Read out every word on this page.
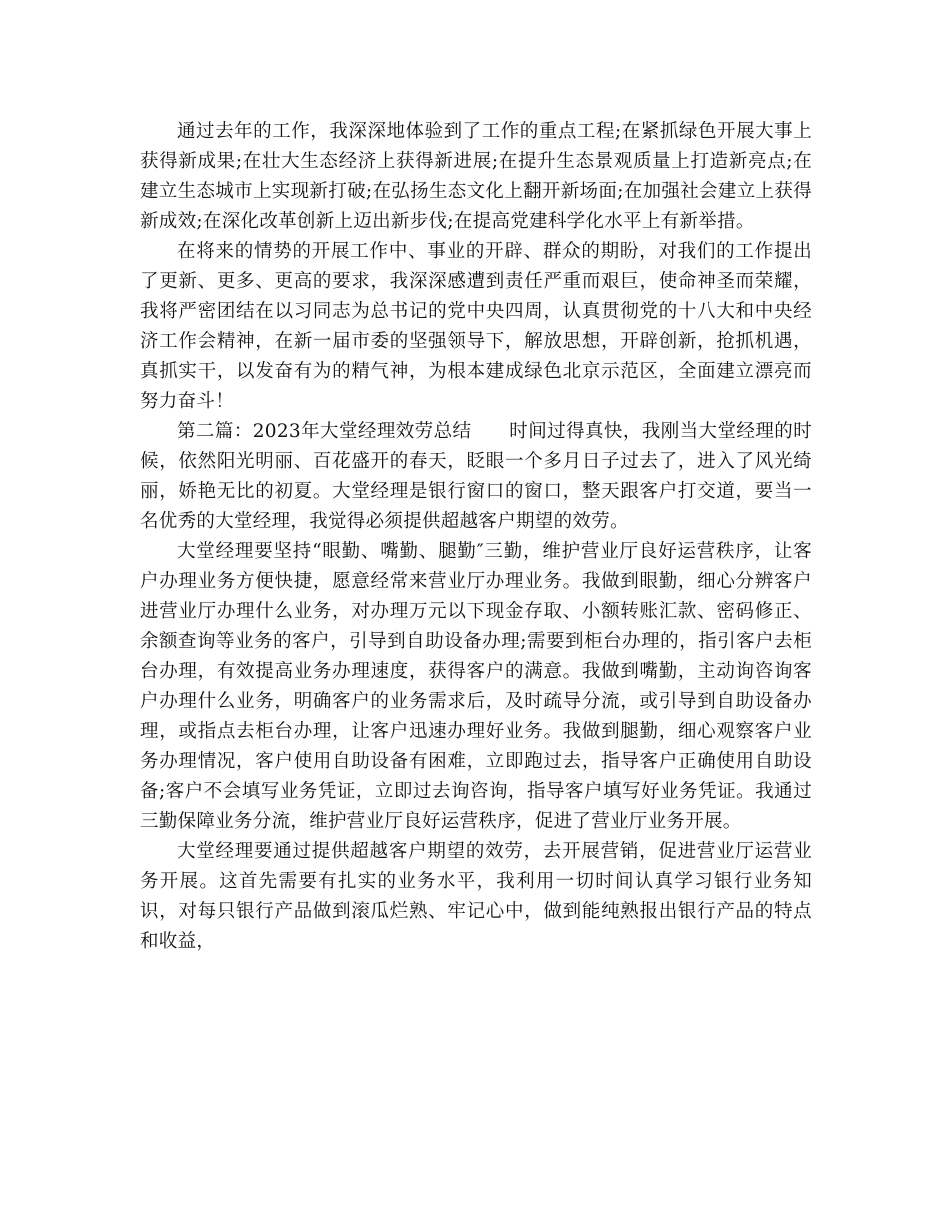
通过去年的工作，我深深地体验到了工作的重点工程;在紧抓绿色开展大事上获得新成果;在壮大生态经济上获得新进展;在提升生态景观质量上打造新亮点;在建立生态城市上实现新打破;在弘扬生态文化上翻开新场面;在加强社会建立上获得新成效;在深化改革创新上迈出新步伐;在提高党建科学化水平上有新举措。

在将来的情势的开展工作中、事业的开辟、群众的期盼，对我们的工作提出了更新、更多、更高的要求，我深深感遭到责任严重而艰巨，使命神圣而荣耀，我将严密团结在以习同志为总书记的党中央四周，认真贯彻党的十八大和中央经济工作会精神，在新一届市委的坚强领导下，解放思想，开辟创新，抢抓机遇，真抓实干，以发奋有为的精气神，为根本建成绿色北京示范区，全面建立漂亮而努力奋斗！

第二篇：2023年大堂经理效劳总结　　时间过得真快，我刚当大堂经理的时候，依然阳光明丽、百花盛开的春天，眨眼一个多月日子过去了，进入了风光绮丽，娇艳无比的初夏。大堂经理是银行窗口的窗口，整天跟客户打交道，要当一名优秀的大堂经理，我觉得必须提供超越客户期望的效劳。

大堂经理要坚持“眼勤、嘴勤、腿勤″三勤，维护营业厅良好运营秩序，让客户办理业务方便快捷，愿意经常来营业厅办理业务。我做到眼勤，细心分辨客户进营业厅办理什么业务，对办理万元以下现金存取、小额转账汇款、密码修正、余额查询等业务的客户，引导到自助设备办理;需要到柜台办理的，指引客户去柜台办理，有效提高业务办理速度，获得客户的满意。我做到嘴勤，主动询咨询客户办理什么业务，明确客户的业务需求后，及时疏导分流，或引导到自助设备办理，或指点去柜台办理，让客户迅速办理好业务。我做到腿勤，细心观察客户业务办理情况，客户使用自助设备有困难，立即跑过去，指导客户正确使用自助设备;客户不会填写业务凭证，立即过去询咨询，指导客户填写好业务凭证。我通过三勤保障业务分流，维护营业厅良好运营秩序，促进了营业厅业务开展。

大堂经理要通过提供超越客户期望的效劳，去开展营销，促进营业厅运营业务开展。这首先需要有扎实的业务水平，我利用一切时间认真学习银行业务知识，对每只银行产品做到滚瓜烂熟、牢记心中，做到能纯熟报出银行产品的特点和收益，
